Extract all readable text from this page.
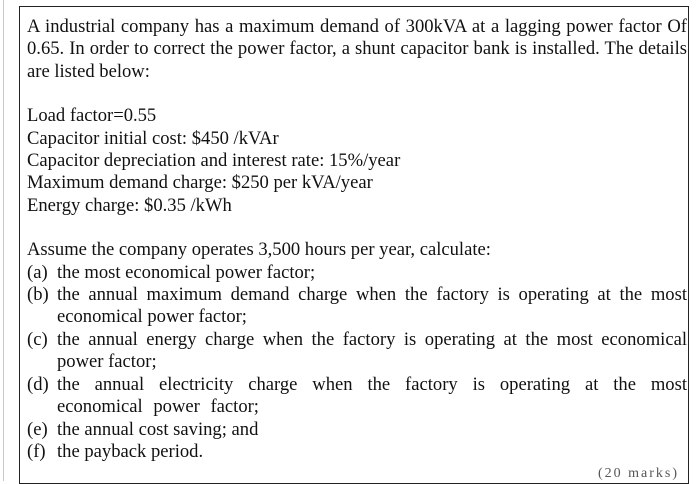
A industrial company has a maximum demand of 300kVA at a lagging power factor Of 0.65. In order to correct the power factor, a shunt capacitor bank is installed. The details are listed below:

Load factor=0.55
Capacitor initial cost: $450 /kVAr
Capacitor depreciation and interest rate: 15%/year
Maximum demand charge: $250 per kVA/year
Energy charge: $0.35 /kWh

Assume the company operates 3,500 hours per year, calculate:

(a) the most economical power factor;
(b) the annual maximum demand charge when the factory is operating at the most economical power factor;
(c) the annual energy charge when the factory is operating at the most economical power factor;
(d) the annual electricity charge when the factory is operating at the most economical power factor;
(e) the annual cost saving; and
(f) the payback period.
(20 marks)
